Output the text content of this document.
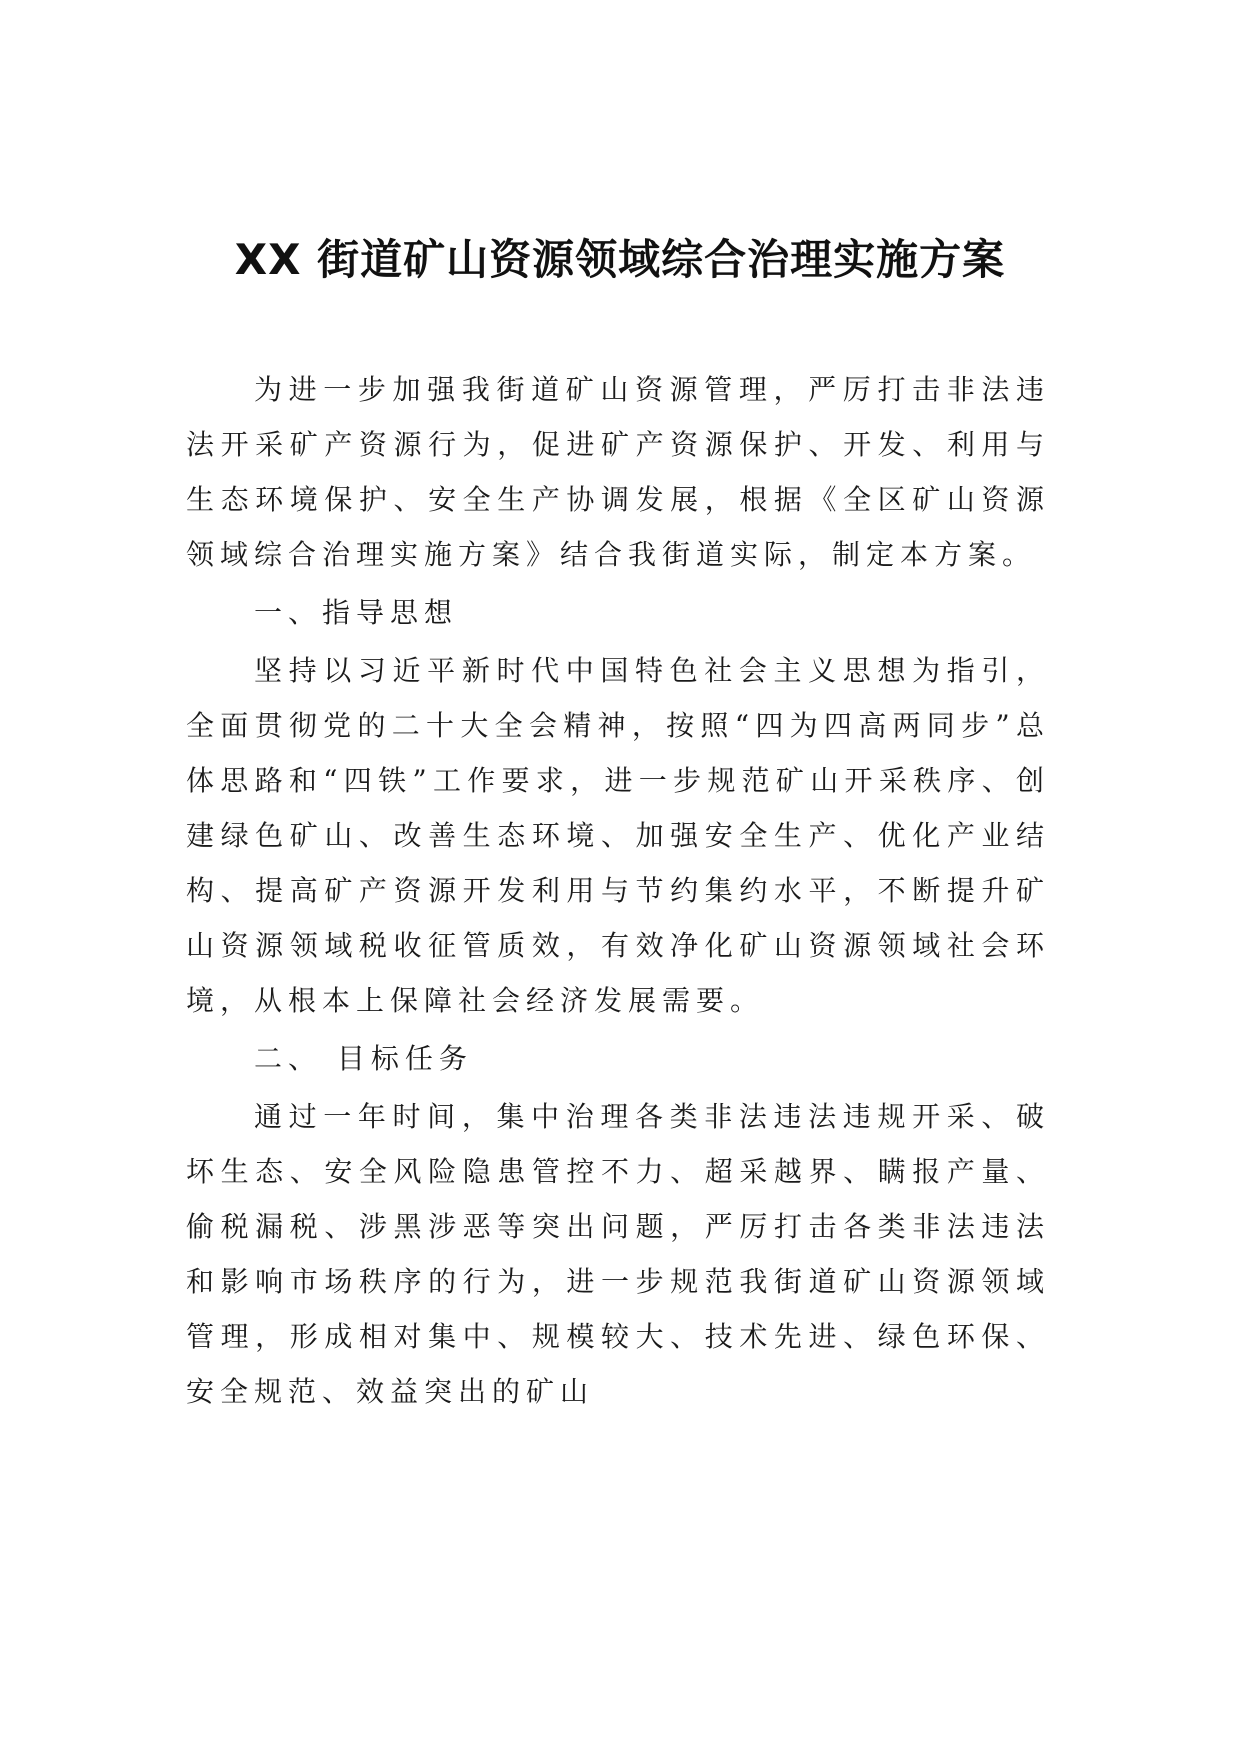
XX 街道矿山资源领域综合治理实施方案

为进一步加强我街道矿山资源管理，严厉打击非法违法开采矿产资源行为，促进矿产资源保护、开发、利用与生态环境保护、安全生产协调发展，根据《全区矿山资源领域综合治理实施方案》结合我街道实际，制定本方案。

一、指导思想

坚持以习近平新时代中国特色社会主义思想为指引，全面贯彻党的二十大全会精神，按照“四为四高两同步”总体思路和“四铁”工作要求，进一步规范矿山开采秩序、创建绿色矿山、改善生态环境、加强安全生产、优化产业结构、提高矿产资源开发利用与节约集约水平，不断提升矿山资源领域税收征管质效，有效净化矿山资源领域社会环境，从根本上保障社会经济发展需要。

二、 目标任务

通过一年时间，集中治理各类非法违法违规开采、破坏生态、安全风险隐患管控不力、超采越界、瞒报产量、偷税漏税、涉黑涉恶等突出问题，严厉打击各类非法违法和影响市场秩序的行为，进一步规范我街道矿山资源领域管理，形成相对集中、规模较大、技术先进、绿色环保、安全规范、效益突出的矿山
